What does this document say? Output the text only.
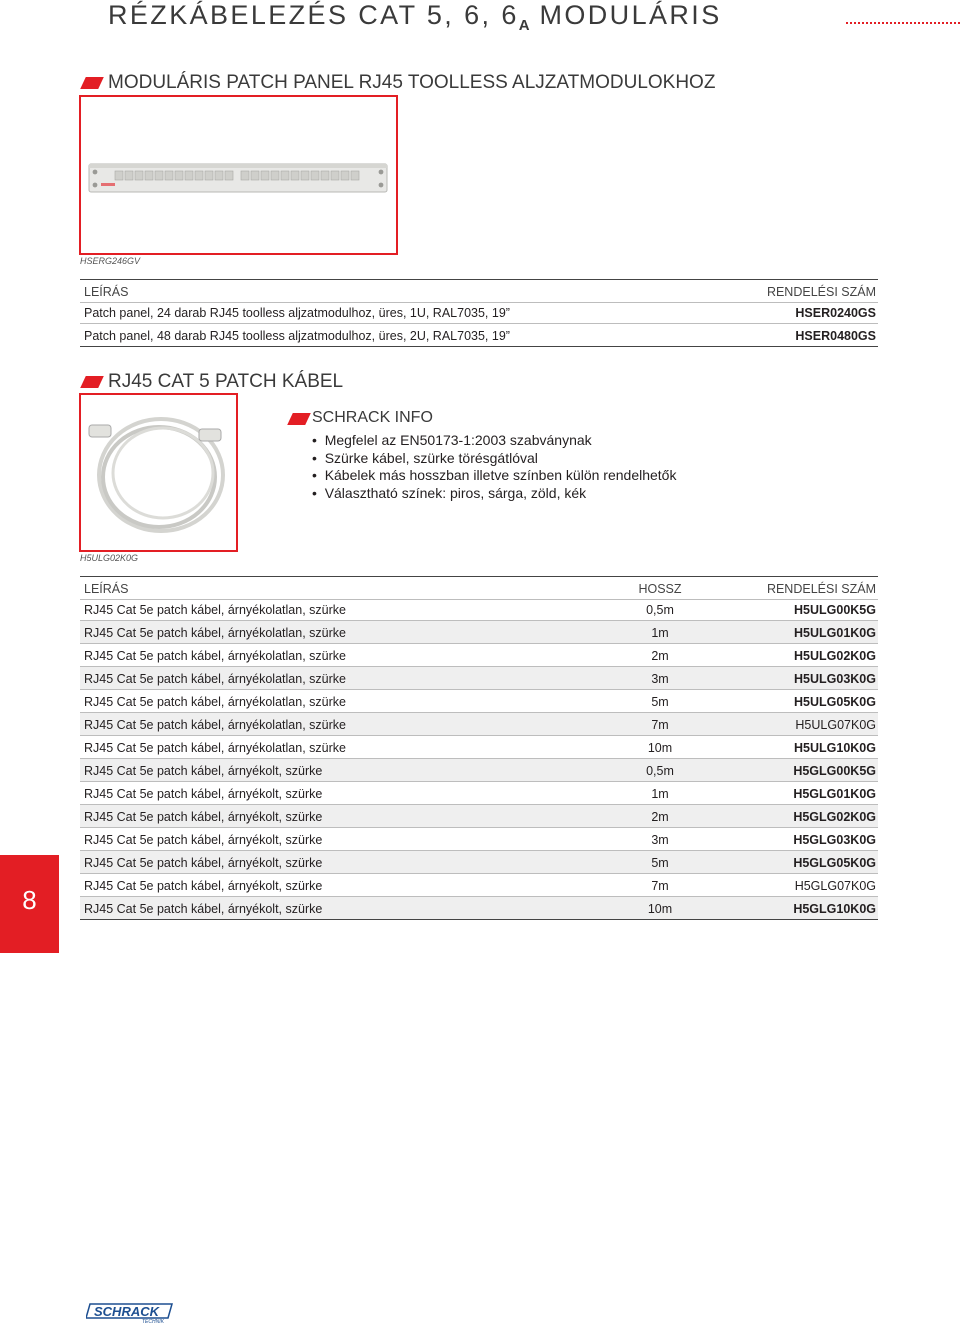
RÉZKÁBELEZÉS CAT 5, 6, $6_A$ MODULÁRIS
MODULÁRIS PATCH PANEL RJ45 TOOLLESS ALJZATMODULOKHOZ
HSERG246GV
LEÍRÁS	RENDELÉSI SZÁM
Patch panel, 24 darab RJ45 toolless aljzatmodulhoz, üres, 1U, RAL7035, 19”	HSER0240GS
Patch panel, 48 darab RJ45 toolless aljzatmodulhoz, üres, 2U, RAL7035, 19”	HSER0480GS
RJ45 CAT 5 PATCH KÁBEL
H5ULG02K0G
SCHRACK INFO
•  Megfelel az EN50173-1:2003 szabványnak
•  Szürke kábel, szürke törésgátlóval
•  Kábelek más hosszban illetve színben külön rendelhetők
•  Választható színek: piros, sárga, zöld, kék
LEÍRÁS	HOSSZ	RENDELÉSI SZÁM
RJ45 Cat 5e patch kábel, árnyékolatlan, szürke	0,5m	H5ULG00K5G
RJ45 Cat 5e patch kábel, árnyékolatlan, szürke	1m	H5ULG01K0G
RJ45 Cat 5e patch kábel, árnyékolatlan, szürke	2m	H5ULG02K0G
RJ45 Cat 5e patch kábel, árnyékolatlan, szürke	3m	H5ULG03K0G
RJ45 Cat 5e patch kábel, árnyékolatlan, szürke	5m	H5ULG05K0G
RJ45 Cat 5e patch kábel, árnyékolatlan, szürke	7m	H5ULG07K0G
RJ45 Cat 5e patch kábel, árnyékolatlan, szürke	10m	H5ULG10K0G
RJ45 Cat 5e patch kábel, árnyékolt, szürke	0,5m	H5GLG00K5G
RJ45 Cat 5e patch kábel, árnyékolt, szürke	1m	H5GLG01K0G
RJ45 Cat 5e patch kábel, árnyékolt, szürke	2m	H5GLG02K0G
RJ45 Cat 5e patch kábel, árnyékolt, szürke	3m	H5GLG03K0G
RJ45 Cat 5e patch kábel, árnyékolt, szürke	5m	H5GLG05K0G
RJ45 Cat 5e patch kábel, árnyékolt, szürke	7m	H5GLG07K0G
RJ45 Cat 5e patch kábel, árnyékolt, szürke	10m	H5GLG10K0G
8
SCHRACK
TECHNIK
